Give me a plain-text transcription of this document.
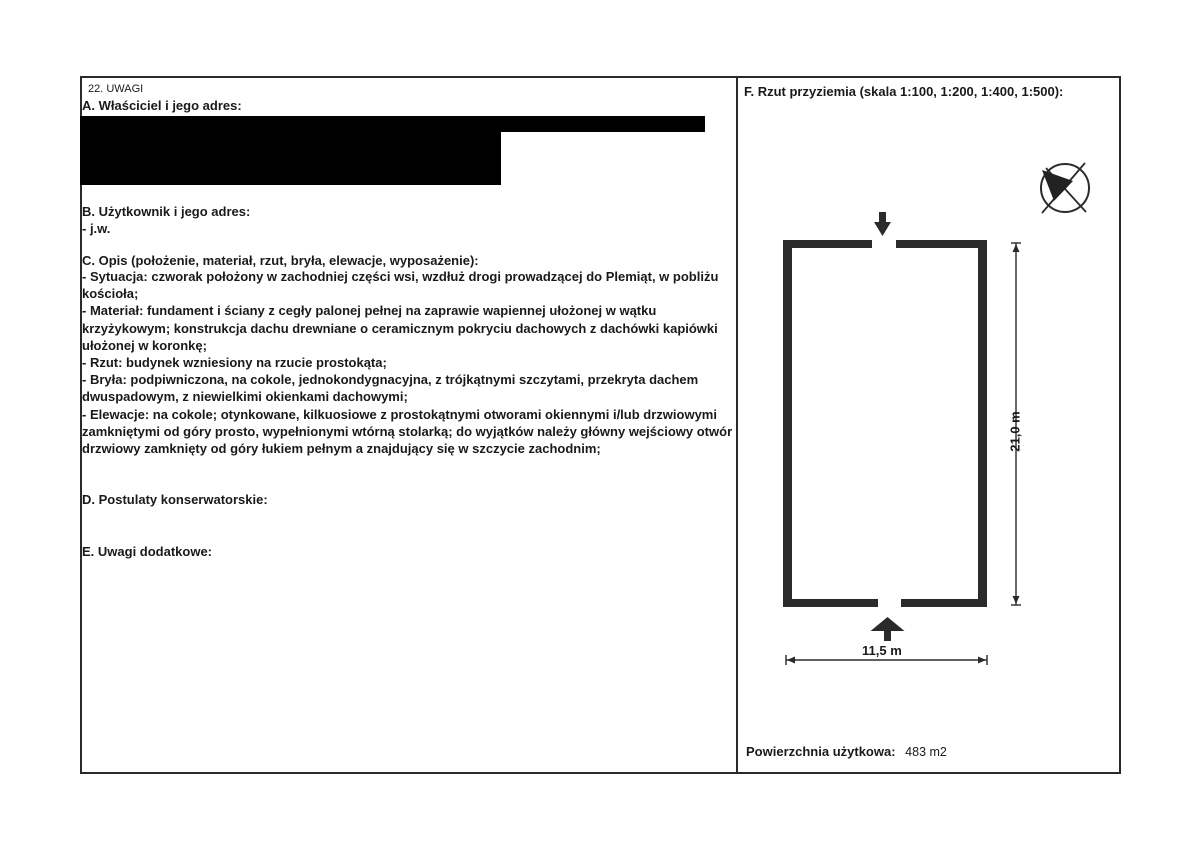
22. UWAGI
A. Właściciel i jego adres:
B. Użytkownik i jego adres:
- j.w.
C. Opis (położenie, materiał, rzut, bryła, elewacje, wyposażenie):
- Sytuacja: czworak położony w zachodniej części wsi, wzdłuż drogi prowadzącej do Plemiąt, w pobliżu kościoła;
- Materiał: fundament i ściany z cegły palonej pełnej na zaprawie wapiennej ułożonej w wątku krzyżykowym; konstrukcja dachu drewniane o ceramicznym pokryciu dachowych z dachówki kapiówki ułożonej w koronkę;
- Rzut: budynek wzniesiony na rzucie prostokąta;
- Bryła: podpiwniczona, na cokole, jednokondygnacyjna, z trójkątnymi szczytami, przekryta dachem dwuspadowym, z niewielkimi okienkami dachowymi;
- Elewacje: na cokole; otynkowane, kilkuosiowe z prostokątnymi otworami okiennymi i/lub drzwiowymi zamkniętymi od góry prosto, wypełnionymi wtórną stolarką; do wyjątków należy główny wejściowy otwór drzwiowy zamknięty od góry łukiem pełnym a znajdujący się w szczycie zachodnim;
D. Postulaty konserwatorskie:
E. Uwagi dodatkowe:
F. Rzut przyziemia (skala 1:100, 1:200, 1:400, 1:500):
21,0 m
11,5 m
Powierzchnia użytkowa: 483 m2
